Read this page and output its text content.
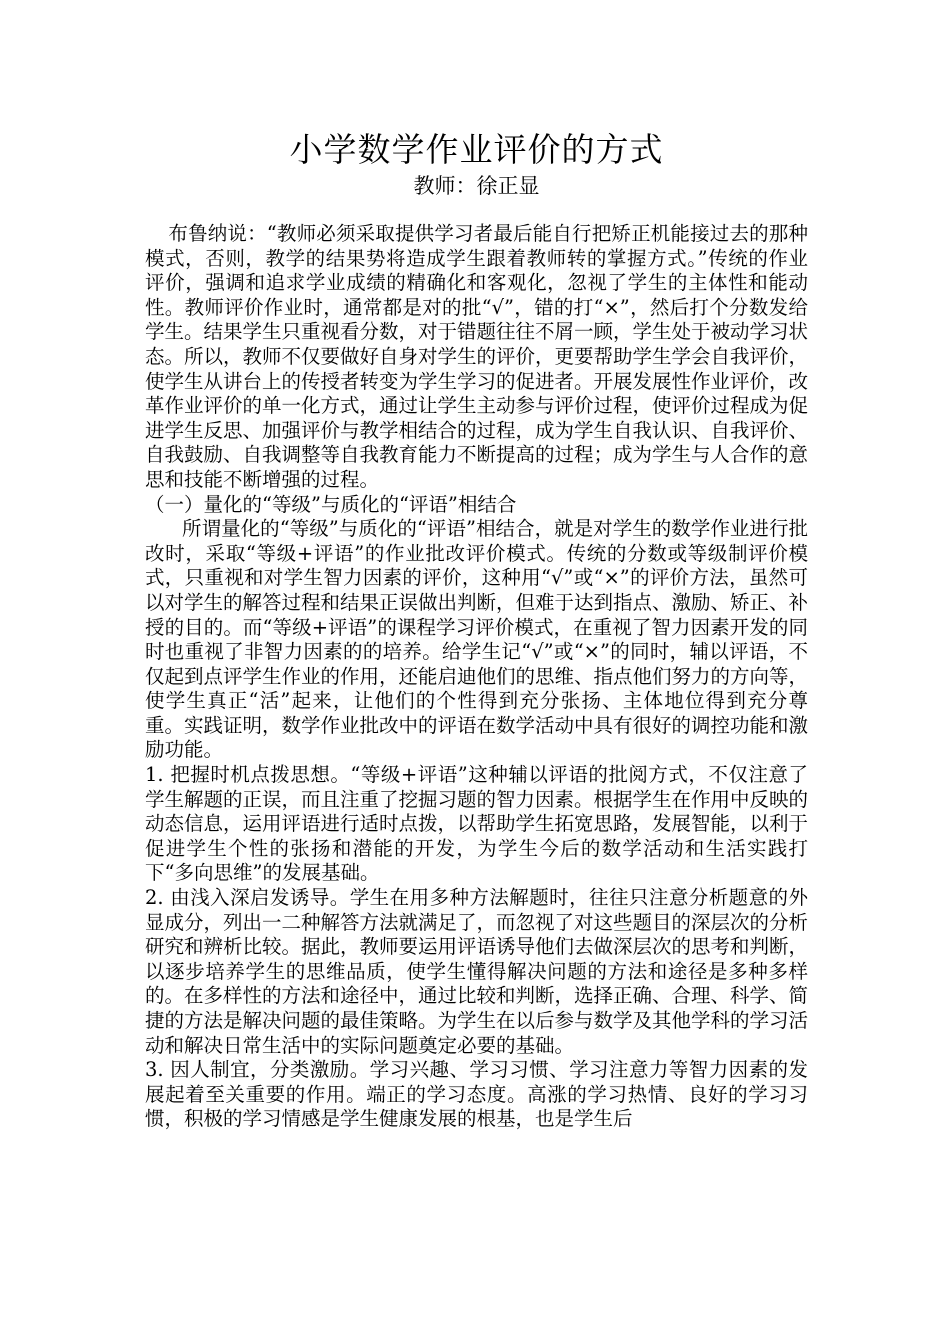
小学数学作业评价的方式

教师：徐正显

布鲁纳说：“教师必须采取提供学习者最后能自行把矫正机能接过去的那种模式，否则，教学的结果势将造成学生跟着教师转的掌握方式。”传统的作业评价，强调和追求学业成绩的精确化和客观化，忽视了学生的主体性和能动性。教师评价作业时，通常都是对的批“√”，错的打“×”，然后打个分数发给学生。结果学生只重视看分数，对于错题往往不屑一顾，学生处于被动学习状态。所以，教师不仅要做好自身对学生的评价，更要帮助学生学会自我评价，使学生从讲台上的传授者转变为学生学习的促进者。开展发展性作业评价，改革作业评价的单一化方式，通过让学生主动参与评价过程，使评价过程成为促进学生反思、加强评价与教学相结合的过程，成为学生自我认识、自我评价、自我鼓励、自我调整等自我教育能力不断提高的过程；成为学生与人合作的意思和技能不断增强的过程。

（一）量化的“等级”与质化的“评语”相结合

所谓量化的“等级”与质化的“评语”相结合，就是对学生的数学作业进行批改时，采取“等级+评语”的作业批改评价模式。传统的分数或等级制评价模式，只重视和对学生智力因素的评价，这种用“√”或“×”的评价方法，虽然可以对学生的解答过程和结果正误做出判断，但难于达到指点、激励、矫正、补授的目的。而“等级+评语”的课程学习评价模式，在重视了智力因素开发的同时也重视了非智力因素的的培养。给学生记“√”或“×”的同时，辅以评语，不仅起到点评学生作业的作用，还能启迪他们的思维、指点他们努力的方向等，使学生真正“活”起来，让他们的个性得到充分张扬、主体地位得到充分尊重。实践证明，数学作业批改中的评语在数学活动中具有很好的调控功能和激励功能。

1. 把握时机点拨思想。“等级+评语”这种辅以评语的批阅方式，不仅注意了学生解题的正误，而且注重了挖掘习题的智力因素。根据学生在作用中反映的动态信息，运用评语进行适时点拨，以帮助学生拓宽思路，发展智能，以利于促进学生个性的张扬和潜能的开发，为学生今后的数学活动和生活实践打下“多向思维”的发展基础。

2. 由浅入深启发诱导。学生在用多种方法解题时，往往只注意分析题意的外显成分，列出一二种解答方法就满足了，而忽视了对这些题目的深层次的分析研究和辨析比较。据此，教师要运用评语诱导他们去做深层次的思考和判断，以逐步培养学生的思维品质，使学生懂得解决问题的方法和途径是多种多样的。在多样性的方法和途径中，通过比较和判断，选择正确、合理、科学、简捷的方法是解决问题的最佳策略。为学生在以后参与数学及其他学科的学习活动和解决日常生活中的实际问题奠定必要的基础。

3. 因人制宜，分类激励。学习兴趣、学习习惯、学习注意力等智力因素的发展起着至关重要的作用。端正的学习态度。高涨的学习热情、良好的学习习惯，积极的学习情感是学生健康发展的根基，也是学生后
